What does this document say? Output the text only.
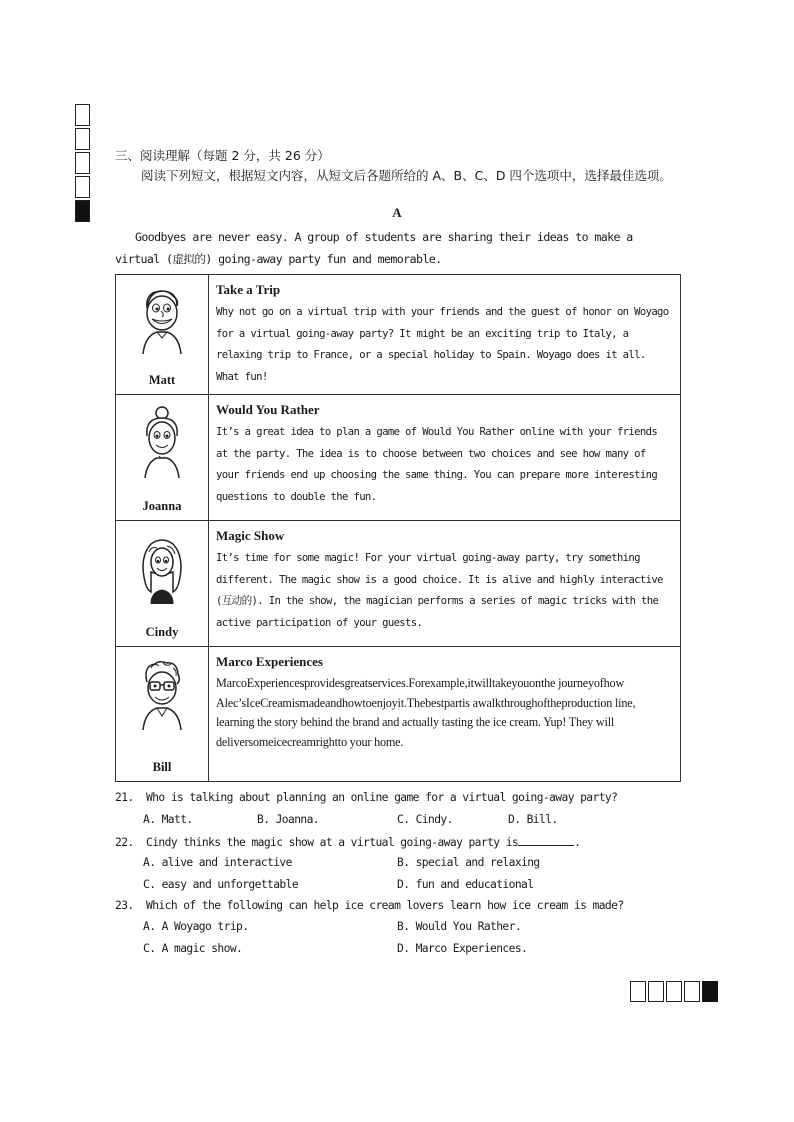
三、阅读理解（每题 2 分，共 26 分）
阅读下列短文，根据短文内容，从短文后各题所给的 A、B、C、D 四个选项中，选择最佳选项。
A
Goodbyes are never easy. A group of students are sharing their ideas to make a virtual (虚拟的) going-away party fun and memorable.
Matt	Take a Trip
Why not go on a virtual trip with your friends and the guest of honor on Woyago for a virtual going-away party? It might be an exciting trip to Italy, a relaxing trip to France, or a special holiday to Spain. Woyago does it all. What fun!

Joanna	Would You Rather
It’s a great idea to plan a game of Would You Rather online with your friends at the party. The idea is to choose between two choices and see how many of your friends end up choosing the same thing. You can prepare more interesting questions to double the fun.

Cindy	Magic Show
It’s time for some magic! For your virtual going-away party, try something different. The magic show is a good choice. It is alive and highly interactive (互动的). In the show, the magician performs a series of magic tricks with the active participation of your guests.

Bill	Marco Experiences
MarcoExperiencesprovidesgreatservices.Forexample,itwilltakeyouonthe journeyofhow Alec’sIceCreamismadeandhowtoenjoyit.Thebestpartis awalkthroughoftheproduction line, learning the story behind the brand and actually tasting the ice cream. Yup! They will deliversomeicecreamrightto your home.
21. Who is talking about planning an online game for a virtual going-away party?
A. Matt.	B. Joanna.	C. Cindy.	D. Bill.
22. Cindy thinks the magic show at a virtual going-away party is	.
A. alive and interactive	B. special and relaxing
C. easy and unforgettable	D. fun and educational
23. Which of the following can help ice cream lovers learn how ice cream is made?
A. A Woyago trip.	B. Would You Rather.
C. A magic show.	D. Marco Experiences.
